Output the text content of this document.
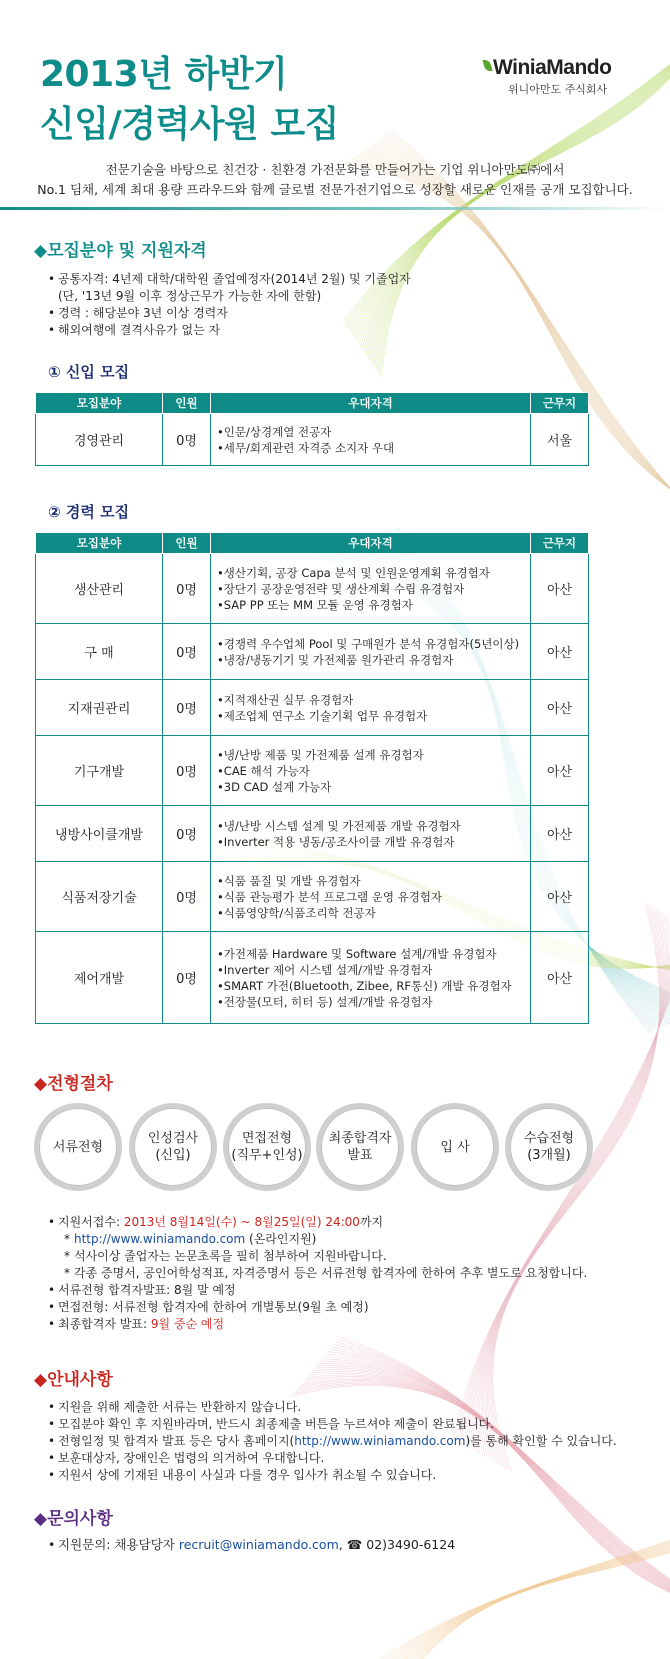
2013년 하반기
신입/경력사원 모집
WiniaMando
위니아만도 주식회사
전문기술을 바탕으로 친건강 · 친환경 가전문화를 만들어가는 기업 위니아만도㈜에서
No.1 딤채, 세계 최대 용량 프라우드와 함께 글로벌 전문가전기업으로 성장할 새로운 인재를 공개 모집합니다.
◆모집분야 및 지원자격
• 공통자격: 4년제 대학/대학원 졸업예정자(2014년 2월) 및 기졸업자
(단, '13년 9월 이후 정상근무가 가능한 자에 한함)
• 경력 : 해당분야 3년 이상 경력자
• 해외여행에 결격사유가 없는 자
① 신입 모집
모집분야	인원	우대자격	근무지
경영관리	0명	•인문/상경계열 전공자
•세무/회계관련 자격증 소지자 우대	서울
② 경력 모집
모집분야	인원	우대자격	근무지
생산관리	0명	•생산기획, 공장 Capa 분석 및 인원운영계획 유경험자
•장단기 공장운영전략 및 생산계획 수립 유경험자
•SAP PP 또는 MM 모듈 운영 유경험자	아산
구 매	0명	•경쟁력 우수업체 Pool 및 구매원가 분석 유경험자(5년이상)
•냉장/냉동기기 및 가전제품 원가관리 유경험자	아산
지재권관리	0명	•지적재산권 실무 유경험자
•제조업체 연구소 기술기획 업무 유경험자	아산
기구개발	0명	•냉/난방 제품 및 가전제품 설계 유경험자
•CAE 해석 가능자
•3D CAD 설계 가능자	아산
냉방사이클개발	0명	•냉/난방 시스템 설계 및 가전제품 개발 유경험자
•Inverter 적용 냉동/공조사이클 개발 유경험자	아산
식품저장기술	0명	•식품 품질 및 개발 유경험자
•식품 관능평가 분석 프로그램 운영 유경험자
•식품영양학/식품조리학 전공자	아산
제어개발	0명	•가전제품 Hardware 및 Software 설계/개발 유경험자
•Inverter 제어 시스템 설계/개발 유경험자
•SMART 가전(Bluetooth, Zibee, RF통신) 개발 유경험자
•전장물(모터, 히터 등) 설계/개발 유경험자	아산
◆전형절차
서류전형
인성검사
(신입)
면접전형
(직무+인성)
최종합격자
발표
입 사
수습전형
(3개월)
• 지원서접수: 2013년 8월14일(수) ~ 8월25일(일) 24:00까지
* http://www.winiamando.com (온라인지원)
* 석사이상 졸업자는 논문초록을 필히 첨부하여 지원바랍니다.
* 각종 증명서, 공인어학성적표, 자격증명서 등은 서류전형 합격자에 한하여 추후 별도로 요청합니다.
• 서류전형 합격자발표: 8월 말 예정
• 면접전형: 서류전형 합격자에 한하여 개별통보(9월 초 예정)
• 최종합격자 발표: 9월 중순 예정
◆안내사항
• 지원을 위해 제출한 서류는 반환하지 않습니다.
• 모집분야 확인 후 지원바라며, 반드시 최종제출 버튼을 누르셔야 제출이 완료됩니다.
• 전형일정 및 합격자 발표 등은 당사 홈페이지(http://www.winiamando.com)를 통해 확인할 수 있습니다.
• 보훈대상자, 장애인은 법령의 의거하여 우대합니다.
• 지원서 상에 기재된 내용이 사실과 다를 경우 입사가 취소될 수 있습니다.
◆문의사항
• 지원문의: 채용담당자 recruit@winiamando.com, ☎ 02)3490-6124
